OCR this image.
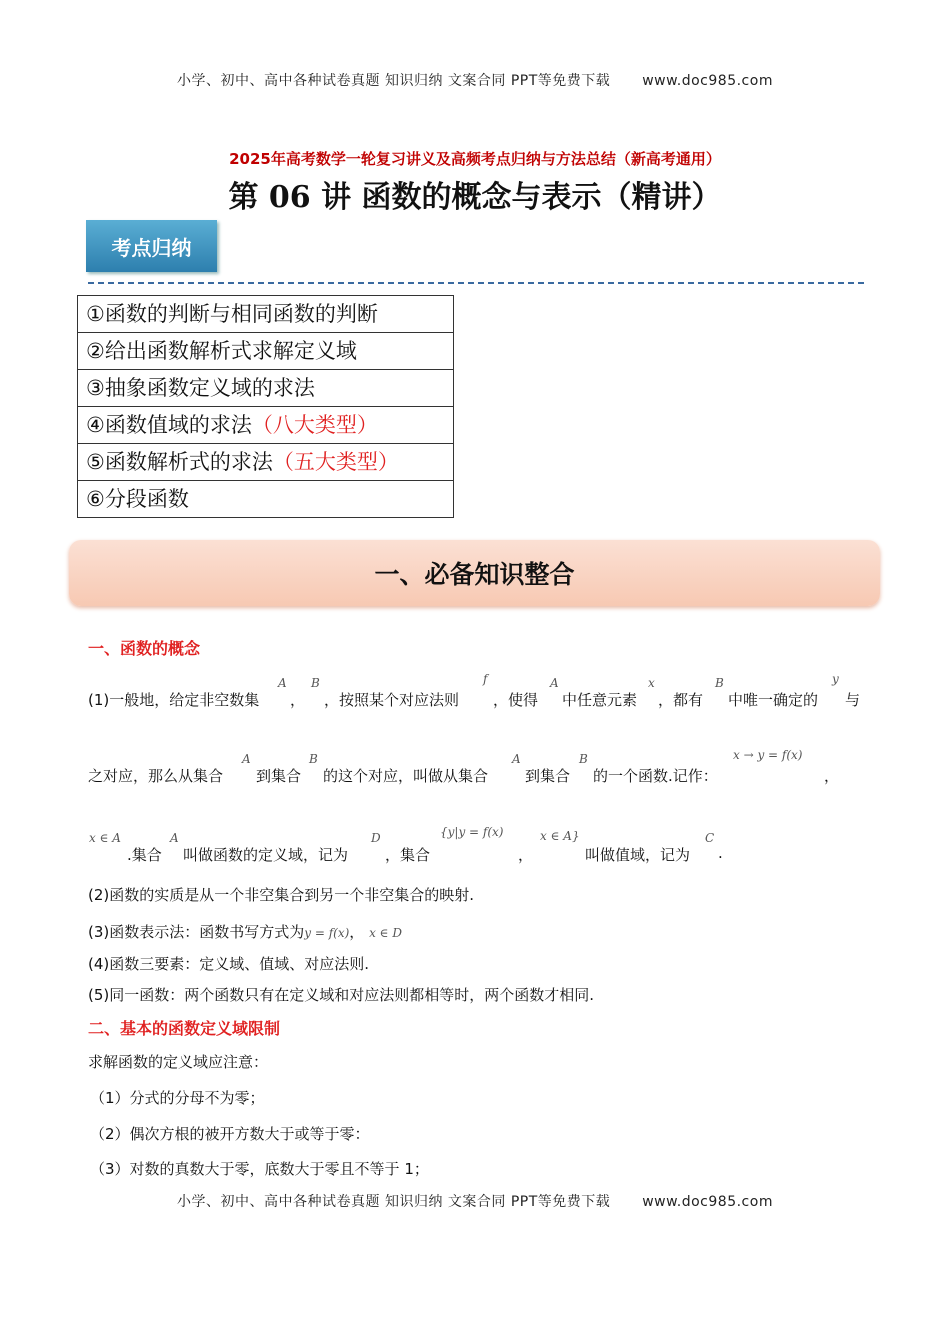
小学、初中、高中各种试卷真题 知识归纳 文案合同 PPT等免费下载 www.doc985.com
2025年高考数学一轮复习讲义及高频考点归纳与方法总结（新高考通用）
第 06 讲 函数的概念与表示（精讲）
考点归纳
①函数的判断与相同函数的判断
②给出函数解析式求解定义域
③抽象函数定义域的求法
④函数值域的求法（八大类型）
⑤函数解析式的求法（五大类型）
⑥分段函数
一、必备知识整合
一、函数的概念
(1)一般地，给定非空数集
A
，
B
，按照某个对应法则
f
，使得
A
中任意元素
x
，都有
B
中唯一确定的
y
与
之对应，那么从集合
A
到集合
B
的这个对应，叫做从集合
A
到集合
B
的一个函数.记作：
x → y = f(x)
，
x ∈ A
.集合
A
叫做函数的定义域，记为
D
，集合
{y|y = f(x)
，
x ∈ A}
叫做值域，记为
C
.
(2)函数的实质是从一个非空集合到另一个非空集合的映射.
(3)函数表示法：函数书写方式为y = f(x)， x ∈ D
(4)函数三要素：定义域、值域、对应法则.
(5)同一函数：两个函数只有在定义域和对应法则都相等时，两个函数才相同.
二、基本的函数定义域限制
求解函数的定义域应注意：
（1）分式的分母不为零；
（2）偶次方根的被开方数大于或等于零：
（3）对数的真数大于零，底数大于零且不等于 1；
小学、初中、高中各种试卷真题 知识归纳 文案合同 PPT等免费下载 www.doc985.com
